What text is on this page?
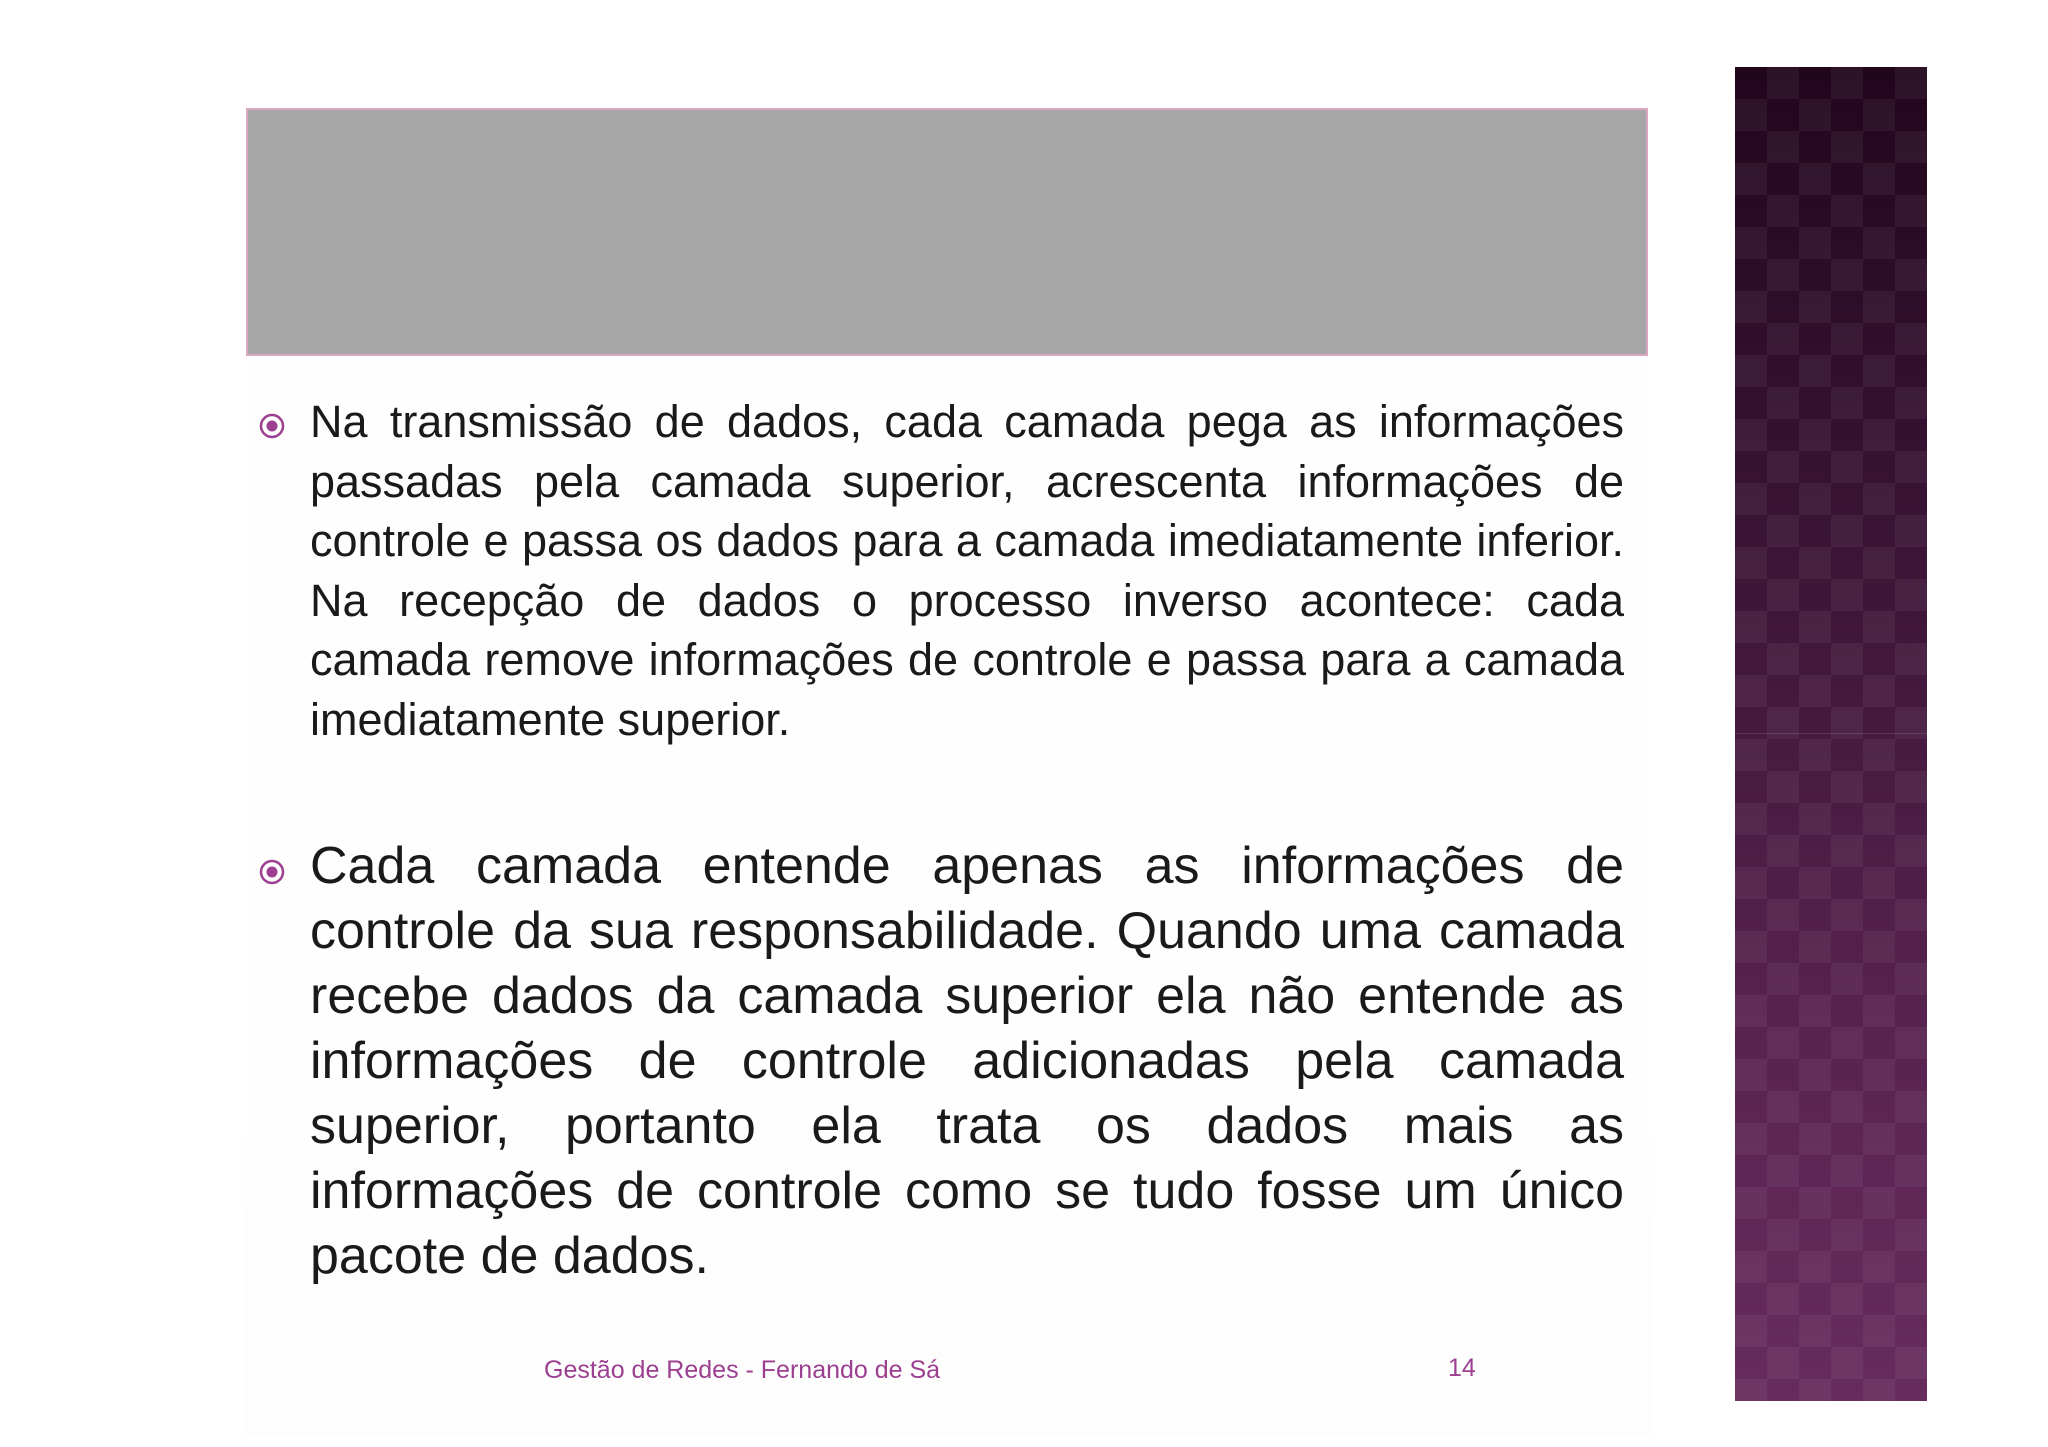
Na transmissão de dados, cada camada pega as informações passadas pela camada superior, acrescenta informações de controle e passa os dados para a camada imediatamente inferior. Na recepção de dados o processo inverso acontece: cada camada remove informações de controle e passa para a camada imediatamente superior.

Cada camada entende apenas as informações de controle da sua responsabilidade. Quando uma camada recebe dados da camada superior ela não entende as informações de controle adicionadas pela camada superior, portanto ela trata os dados mais as informações de controle como se tudo fosse um único pacote de dados.

Gestão de Redes - Fernando de Sá	14
